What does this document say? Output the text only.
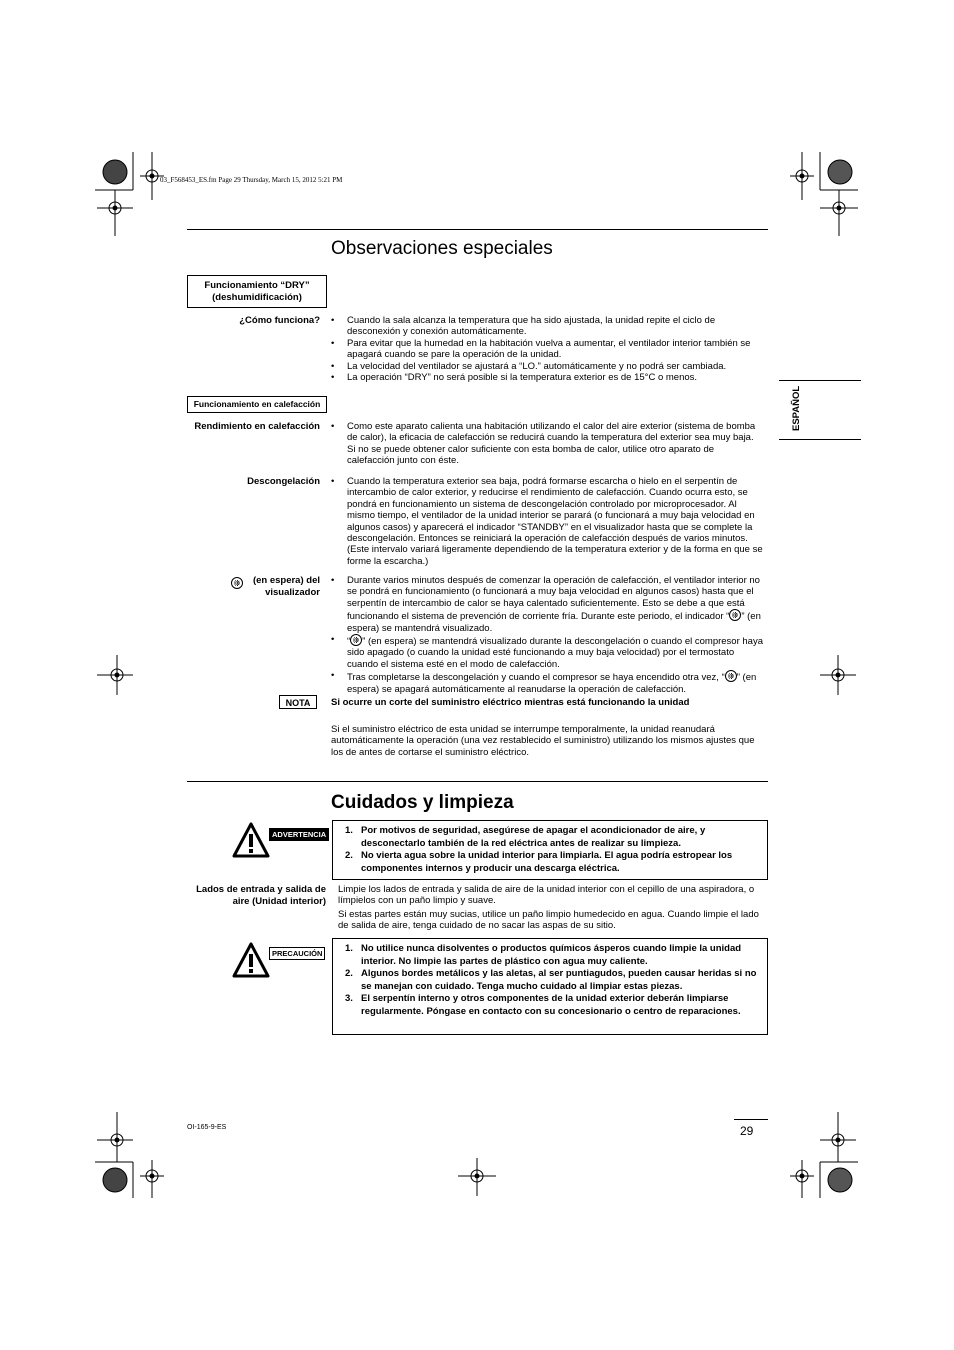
03_F568453_ES.fm Page 29 Thursday, March 15, 2012 5:21 PM
Observaciones especiales
Funcionamiento “DRY” (deshumidificación)
¿Cómo funciona?	• Cuando la sala alcanza la temperatura que ha sido ajustada, la unidad repite el ciclo de desconexión y conexión automáticamente.
• Para evitar que la humedad en la habitación vuelva a aumentar, el ventilador interior también se apagará cuando se pare la operación de la unidad.
• La velocidad del ventilador se ajustará a “LO.” automáticamente y no podrá ser cambiada.
• La operación “DRY” no será posible si la temperatura exterior es de 15°C o menos.
Funcionamiento en calefacción
Rendimiento en calefacción	• Como este aparato calienta una habitación utilizando el calor del aire exterior (sistema de bomba de calor), la eficacia de calefacción se reducirá cuando la temperatura del exterior sea muy baja. Si no se puede obtener calor suficiente con esta bomba de calor, utilice otro aparato de calefacción junto con éste.
Descongelación	• Cuando la temperatura exterior sea baja, podrá formarse escarcha o hielo en el serpentín de intercambio de calor exterior, y reducirse el rendimiento de calefacción. Cuando ocurra esto, se pondrá en funcionamiento un sistema de descongelación controlado por microprocesador. Al mismo tiempo, el ventilador de la unidad interior se parará (o funcionará a muy baja velocidad en algunos casos) y aparecerá el indicador “STANDBY” en el visualizador hasta que se complete la descongelación. Entonces se reiniciará la operación de calefacción después de varios minutos. (Este intervalo variará ligeramente dependiendo de la temperatura exterior y de la forma en que se forme la escarcha.)
(en espera) del visualizador
• Durante varios minutos después de comenzar la operación de calefacción, el ventilador interior no se pondrá en funcionamiento (o funcionará a muy baja velocidad en algunos casos) hasta que el serpentín de intercambio de calor se haya calentado suficientemente. Esto se debe a que está funcionando el sistema de prevención de corriente fría. Durante este periodo, el indicador “ ” (en espera) se mantendrá visualizado.
• “ ” (en espera) se mantendrá visualizado durante la descongelación o cuando el compresor haya sido apagado (o cuando la unidad esté funcionando a muy baja velocidad) por el termostato cuando el sistema esté en el modo de calefacción.
• Tras completarse la descongelación y cuando el compresor se haya encendido otra vez, “ ” (en espera) se apagará automáticamente al reanudarse la operación de calefacción.
NOTA	Si ocurre un corte del suministro eléctrico mientras está funcionando la unidad
Si el suministro eléctrico de esta unidad se interrumpe temporalmente, la unidad reanudará automáticamente la operación (una vez restablecido el suministro) utilizando los mismos ajustes que los de antes de cortarse el suministro eléctrico.
Cuidados y limpieza
ADVERTENCIA	1. Por motivos de seguridad, asegúrese de apagar el acondicionador de aire, y desconectarlo también de la red eléctrica antes de realizar su limpieza.
2. No vierta agua sobre la unidad interior para limpiarla. El agua podría estropear los componentes internos y producir una descarga eléctrica.
Lados de entrada y salida de aire (Unidad interior)
Limpie los lados de entrada y salida de aire de la unidad interior con el cepillo de una aspiradora, o límpielos con un paño limpio y suave.
Si estas partes están muy sucias, utilice un paño limpio humedecido en agua. Cuando limpie el lado de salida de aire, tenga cuidado de no sacar las aspas de su sitio.
PRECAUCIÓN	1. No utilice nunca disolventes o productos químicos ásperos cuando limpie la unidad interior. No limpie las partes de plástico con agua muy caliente.
2. Algunos bordes metálicos y las aletas, al ser puntiagudos, pueden causar heridas si no se manejan con cuidado. Tenga mucho cuidado al limpiar estas piezas.
3. El serpentín interno y otros componentes de la unidad exterior deberán limpiarse regularmente. Póngase en contacto con su concesionario o centro de reparaciones.
ESPAÑOL
OI-165-9-ES	29
